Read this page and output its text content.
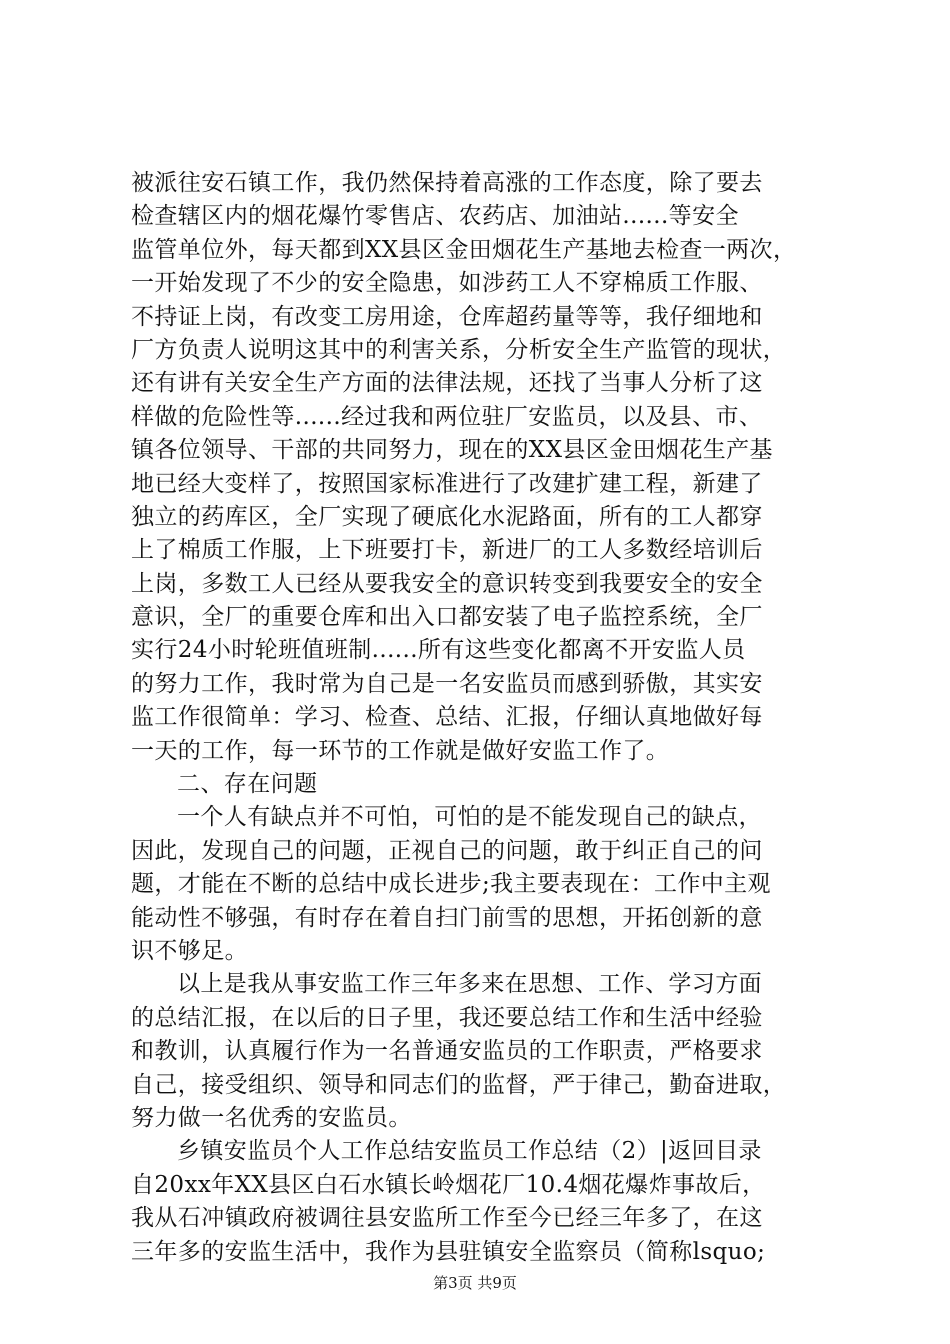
被派往安石镇工作，我仍然保持着高涨的工作态度，除了要去
检查辖区内的烟花爆竹零售店、农药店、加油站......等安全
监管单位外，每天都到XX县区金田烟花生产基地去检查一两次，
一开始发现了不少的安全隐患，如涉药工人不穿棉质工作服、
不持证上岗，有改变工房用途，仓库超药量等等，我仔细地和
厂方负责人说明这其中的利害关系，分析安全生产监管的现状，
还有讲有关安全生产方面的法律法规，还找了当事人分析了这
样做的危险性等......经过我和两位驻厂安监员，以及县、市、
镇各位领导、干部的共同努力，现在的XX县区金田烟花生产基
地已经大变样了，按照国家标准进行了改建扩建工程，新建了
独立的药库区，全厂实现了硬底化水泥路面，所有的工人都穿
上了棉质工作服，上下班要打卡，新进厂的工人多数经培训后
上岗，多数工人已经从要我安全的意识转变到我要安全的安全
意识，全厂的重要仓库和出入口都安装了电子监控系统，全厂
实行24小时轮班值班制......所有这些变化都离不开安监人员
的努力工作，我时常为自己是一名安监员而感到骄傲，其实安
监工作很简单：学习、检查、总结、汇报，仔细认真地做好每
一天的工作，每一环节的工作就是做好安监工作了。
二、存在问题
一个人有缺点并不可怕，可怕的是不能发现自己的缺点，
因此，发现自己的问题，正视自己的问题，敢于纠正自己的问
题，才能在不断的总结中成长进步;我主要表现在：工作中主观
能动性不够强，有时存在着自扫门前雪的思想，开拓创新的意
识不够足。
以上是我从事安监工作三年多来在思想、工作、学习方面
的总结汇报，在以后的日子里，我还要总结工作和生活中经验
和教训，认真履行作为一名普通安监员的工作职责，严格要求
自己，接受组织、领导和同志们的监督，严于律己，勤奋进取，
努力做一名优秀的安监员。
乡镇安监员个人工作总结安监员工作总结（2）|返回目录
自20xx年XX县区白石水镇长岭烟花厂10.4烟花爆炸事故后，
我从石冲镇政府被调往县安监所工作至今已经三年多了，在这
三年多的安监生活中，我作为县驻镇安全监察员（简称lsquo;
第3页 共9页
